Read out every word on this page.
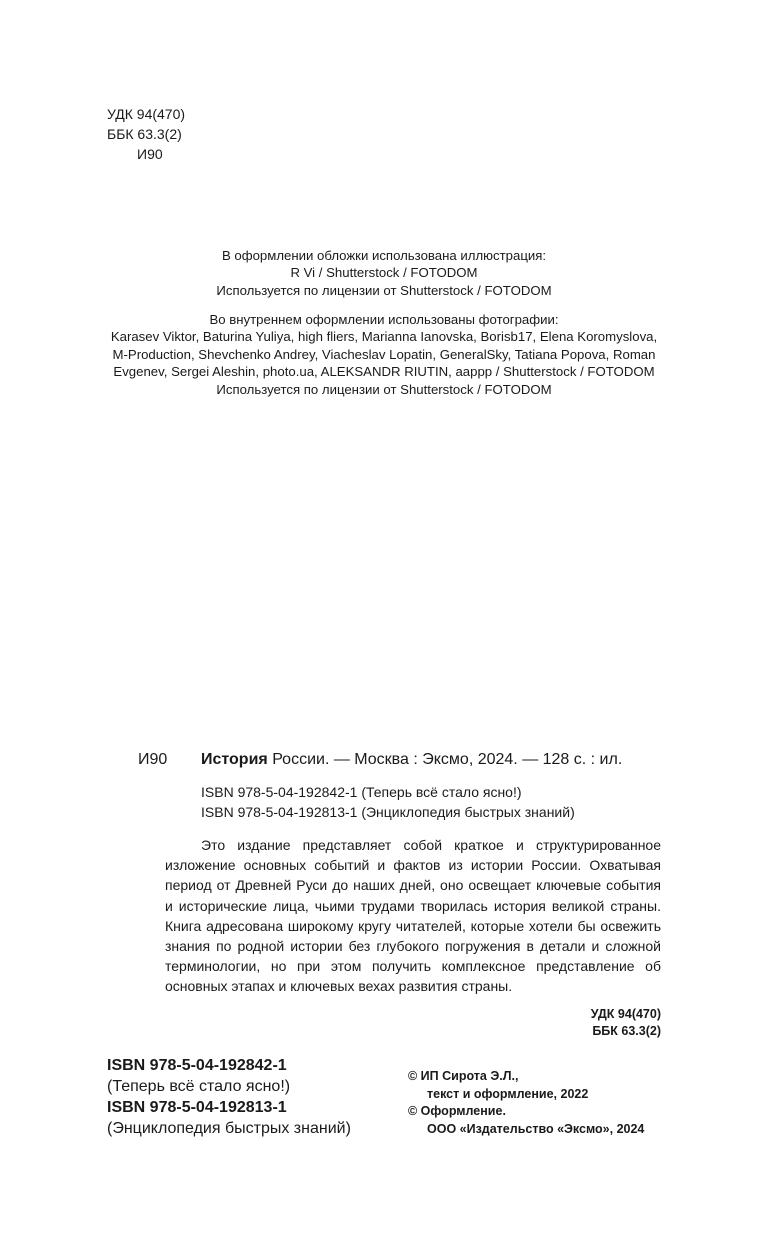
УДК 94(470)
ББК 63.3(2)
И90
В оформлении обложки использована иллюстрация:
R Vi / Shutterstock / FOTODOM
Используется по лицензии от Shutterstock / FOTODOM
Во внутреннем оформлении использованы фотографии:
Karasev Viktor, Baturina Yuliya, high fliers, Marianna Ianovska, Borisb17, Elena Koromyslova,
M-Production, Shevchenko Andrey, Viacheslav Lopatin, GeneralSky, Tatiana Popova, Roman
Evgenev, Sergei Aleshin, photo.ua, ALEKSANDR RIUTIN, aappp / Shutterstock / FOTODOM
Используется по лицензии от Shutterstock / FOTODOM
И90 История России. — Москва : Эксмо, 2024. — 128 с. : ил.
ISBN 978-5-04-192842-1 (Теперь всё стало ясно!)
ISBN 978-5-04-192813-1 (Энциклопедия быстрых знаний)

Это издание представляет собой краткое и структурированное изложение основных событий и фактов из истории России. Охватывая период от Древней Руси до наших дней, оно освещает ключевые события и исторические лица, чьими трудами творилась история великой страны. Книга адресована широкому кругу читателей, которые хотели бы освежить знания по родной истории без глубокого погружения в детали и сложной терминологии, но при этом получить комплексное представление об основных этапах и ключевых вехах развития страны.

УДК 94(470)
ББК 63.3(2)
ISBN 978-5-04-192842-1
(Теперь всё стало ясно!)
ISBN 978-5-04-192813-1
(Энциклопедия быстрых знаний)
© ИП Сирота Э.Л.,
текст и оформление, 2022
© Оформление.
ООО «Издательство «Эксмо», 2024
